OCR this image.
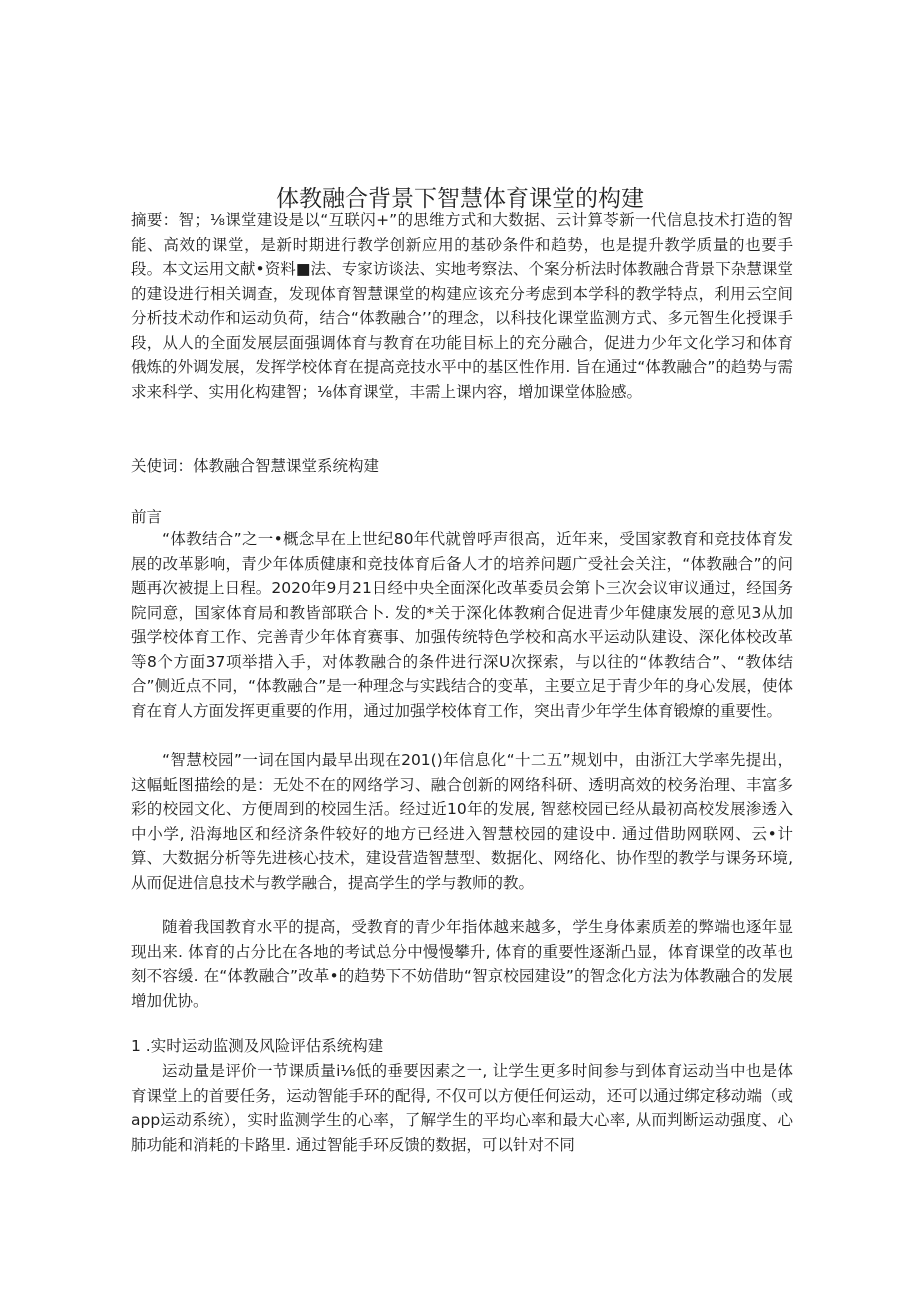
体教融合背景下智慧体育课堂的构建

摘要：智；⅛课堂建设是以“互联闪+”的思维方式和大数据、云计算苓新一代信息技术打造的智能、高效的课堂，是新时期进行教学创新应用的基砂条件和趋势，也是提升教学质量的也要手段。本文运用文献•资料■法、专家访谈法、实地考察法、个案分析法时体教融合背景下杂慧课堂的建设进行相关调查，发现体育智慧课堂的构建应该充分考虑到本学科的教学特点，利用云空间分析技术动作和运动负荷，结合“体教融合’’的理念，以科技化课堂监测方式、多元智生化授课手段，从人的全面发展层面强调体育与教育在功能目标上的充分融合，促进力少年文化学习和体育俄炼的外调发展，发挥学校体育在提高竞技水平中的基区性作用. 旨在通过“体教融合”的趋势与需求来科学、实用化构建智；⅛体育课堂，丰需上课内容，增加课堂体脸感。

关使词：体教融合智慧课堂系统构建

前言

“体教结合”之一•概念早在上世纪80年代就曾呼声很高，近年来，受国家教育和竞技体育发展的改革影响，青少年体质健康和竞技体育后备人才的培养问题广受社会关注，“体教融合”的问题再次被提上日程。2020年9月21日经中央全面深化改革委员会第卜三次会议审议通过，经国务院同意，国家体育局和教皆部联合卜. 发的*关于深化体教痢合促进青少年健康发展的意见3从加强学校体育工作、完善青少年体育赛事、加强传统特色学校和高水平运动队建设、深化体校改革等8个方面37项举措入手，对体教融合的条件进行深U次探索，与以往的“体教结合”、“教体结合”侧近点不同，“体教融合”是一种理念与实践结合的变革，主要立足于青少年的身心发展，使体育在育人方面发挥更重要的作用，通过加强学校体育工作，突出青少年学生体育锻燎的重要性。

“智慧校园”一词在国内最早出现在201()年信息化“十二五”规划中，由浙江大学率先提出，这幅蚯图描绘的是：无处不在的网络学习、融合创新的网络科研、透明高效的校务治理、丰富多彩的校园文化、方便周到的校园生活。经过近10年的发展, 智慈校园已经从最初高校发展渗透入中小学, 沿海地区和经济条件较好的地方已经进入智慧校园的建设中. 通过借助网联网、云•计算、大数据分析等先进核心技术，建设营造智慧型、数据化、网络化、协作型的教学与课务环境, 从而促进信息技术与教学融合，提高学生的学与教师的教。

随着我国教育水平的提高，受教育的青少年指体越来越多，学生身体素质差的弊端也逐年显现出来. 体育的占分比在各地的考试总分中慢慢攀升, 体育的重要性逐渐凸显，体育课堂的改革也刻不容缓. 在“体教融合”改革•的趋势下不妨借助“智京校园建设”的智念化方法为体教融合的发展增加优协。

1 .实时运动监测及风险评估系统构建

运动量是评价一节课质量i⅛低的垂要因素之一, 让学生更多时间参与到体育运动当中也是体育课堂上的首要任务，运动智能手环的配得, 不仅可以方便任何运动，还可以通过绑定移动端（或app运动系统），实时监测学生的心率，了解学生的平均心率和最大心率, 从而判断运动强度、心肺功能和消耗的卡路里. 通过智能手环反馈的数据，可以针对不同
